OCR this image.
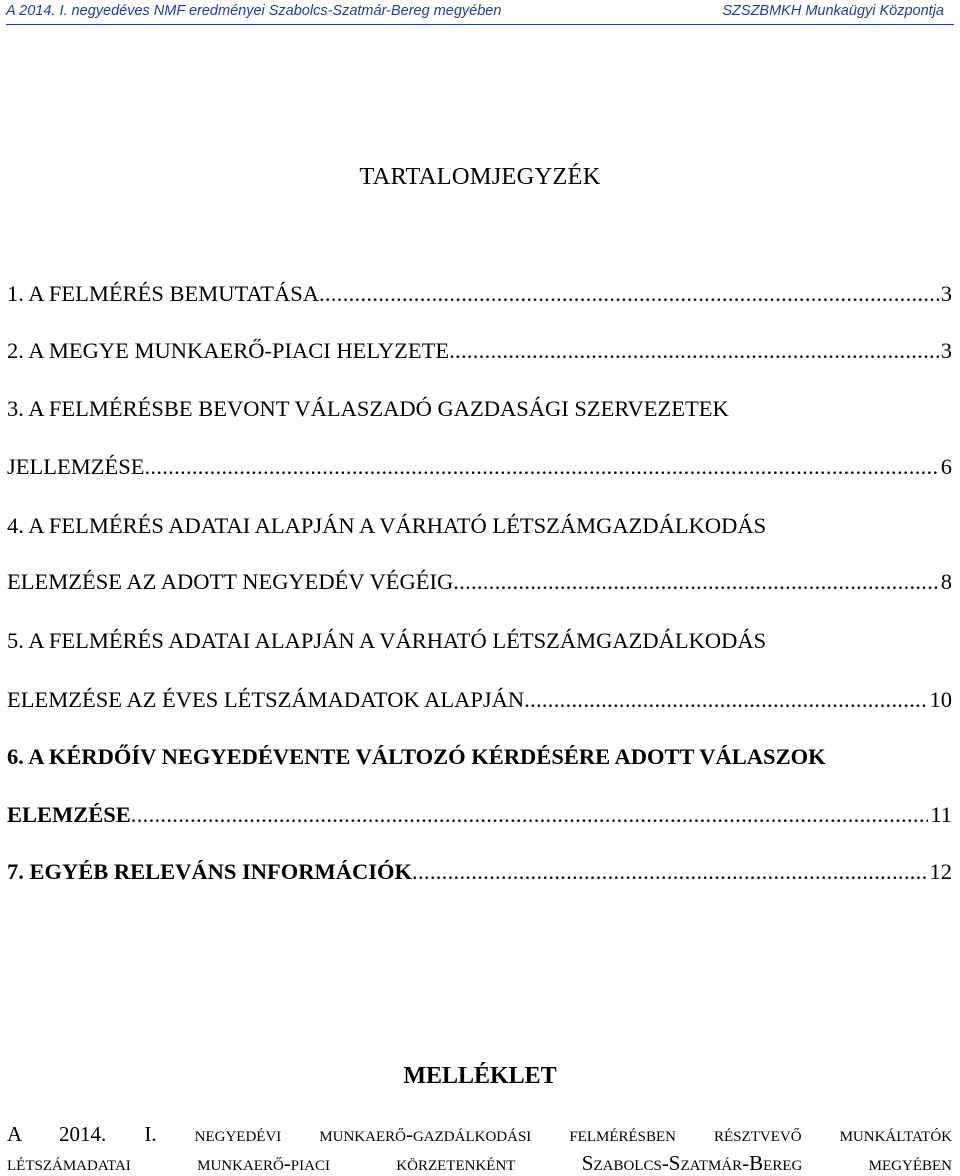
A 2014. I. negyedéves NMF eredményei Szabolcs-Szatmár-Bereg megyében	SZSZBMKH Munkaügyi Központja
TARTALOMJEGYZÉK
1. A FELMÉRÉS BEMUTATÁSA .....	3
2. A MEGYE MUNKAERŐ-PIACI HELYZETE .....	3
3. A FELMÉRÉSBE BEVONT VÁLASZADÓ GAZDASÁGI SZERVEZETEK
JELLEMZÉSE .....	6
4. A FELMÉRÉS ADATAI ALAPJÁN A VÁRHATÓ LÉTSZÁMGAZDÁLKODÁS
ELEMZÉSE AZ ADOTT NEGYEDÉV VÉGÉIG .....	8
5. A FELMÉRÉS ADATAI ALAPJÁN A VÁRHATÓ LÉTSZÁMGAZDÁLKODÁS
ELEMZÉSE AZ ÉVES LÉTSZÁMADATOK ALAPJÁN .....	10
6. A KÉRDŐÍV NEGYEDÉVENTE VÁLTOZÓ KÉRDÉSÉRE ADOTT VÁLASZOK
ELEMZÉSE .....	11
7. EGYÉB RELEVÁNS INFORMÁCIÓK .....	12
MELLÉKLET
A 2014. I. negyedévi munkaerő-gazdálkodási felmérésben résztvevő munkáltatók
létszámadatai munkaerő-piaci körzetenként Szabolcs-Szatmár-Bereg megyében
